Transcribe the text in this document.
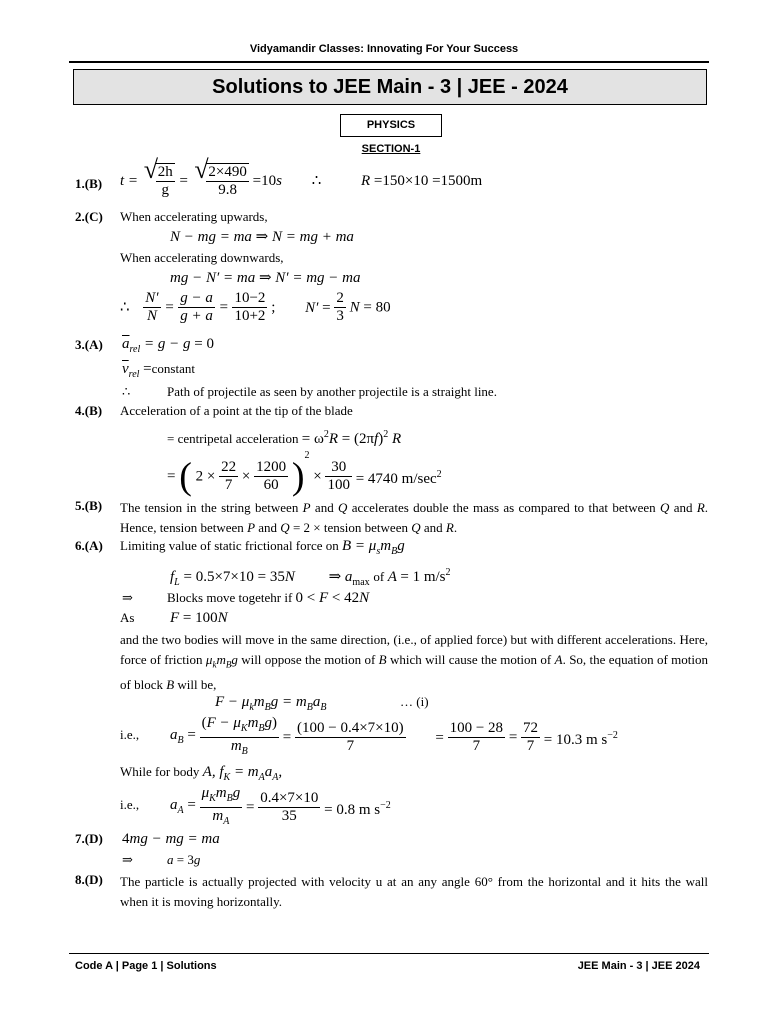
Vidyamandir Classes: Innovating For Your Success
Solutions to JEE Main - 3 | JEE - 2024
PHYSICS
SECTION-1
1.(B) t = √
$\frac{2h}{g}$ = √
$\frac{2\times 490}{9.8} =10s$ ∴	R =150×10 =1500m
2.(C) When accelerating upwards,
N − mg = ma ⇒ N = mg + ma
When accelerating downwards,
mg − N′ = ma ⇒ N′ = mg − ma
∴ $\frac{N'}{N} = \frac{g - a}{g + a} = \frac{10-2}{10+2}$ ; $N' = \frac{2}{3}$ N = 80
3.(A) $\overline{a}_{rel} = g - g = 0$
$\overline{v}_{rel}$ =constant
∴	Path of projectile as seen by another projectile is a straight line.
4.(B) Acceleration of a point at the tip of the blade
= centripetal acceleration = $\omega^2R = (2\pi f)^2$ R
= ( $2 \times \frac{22}{7} \times \frac{1200}{60} )^2 \times \frac{30}{100} = 4740$ $m/\sec^2$
5.(B) The tension in the string between P and Q accelerates double the mass as compared to that between Q and R. Hence, tension between P and Q = 2 × tension between Q and R.
6.(A) Limiting value of static frictional force on $B = \mu_sm_Bg$
$f_L = 0.5\times 7\times 10 = 35N$ ⇒ $a_{max}$ of A = 1 $m/s^2$
⇒	Blocks move togetehr if 0 < F < 42N
As F = 100N
and the two bodies will move in the same direction, (i.e., of applied force) but with different accelerations. Here, force of friction $\mu_km_Bg$ will oppose the motion of B which will cause the motion of A. So, the equation of motion of block B will be,
$F - \mu_km_Bg = m_Ba_B$	… (i)
i.e., $a_B = \frac{(F - \mu_Km_Bg)}{m_B} = \frac{(100 - 0.4\times 7\times 10)}{7} = \frac{100 - 28}{7} = \frac{72}{7} = 10.3$ m $s^{-2}$
While for body A, $f_K = m_Aa_A$,
i.e., $a_A = \frac{\mu_Km_Bg}{m_A} = \frac{0.4\times 7\times 10}{35} = 0.8$ m $s^{-2}$
7.(D) 4mg − mg = ma
⇒	a = 3g
8.(D) The particle is actually projected with velocity u at an any angle 60° from the horizontal and it hits the wall when it is moving horizontally.
Code A | Page 1 | Solutions	JEE Main - 3 | JEE 2024
